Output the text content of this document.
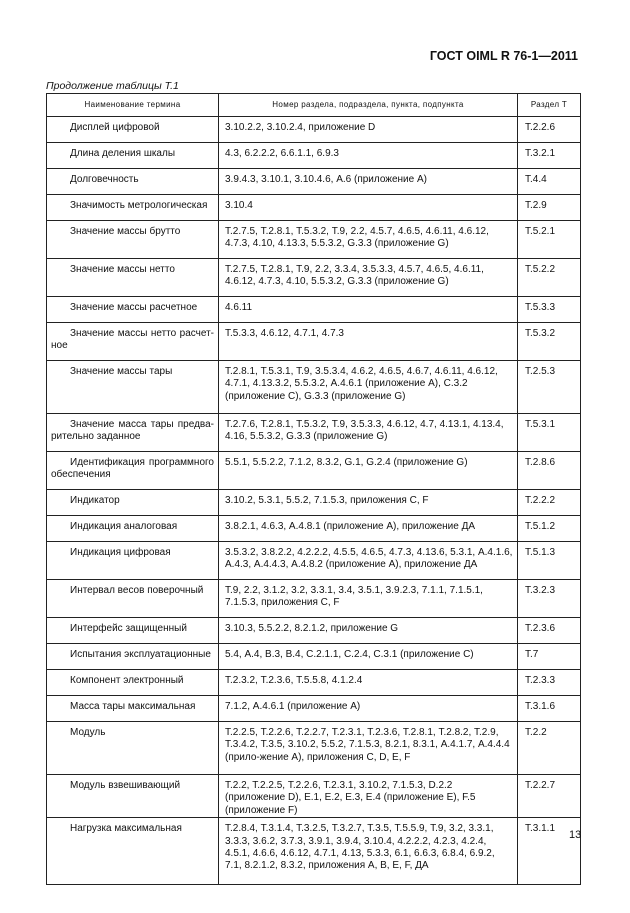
ГОСТ OIML R 76-1—2011
Продолжение таблицы Т.1
Наименование термина	Номер раздела, подраздела, пункта, подпункта	Раздел Т
Дисплей цифровой	3.10.2.2, 3.10.2.4, приложение D	T.2.2.6
Длина деления шкалы	4.3, 6.2.2.2, 6.6.1.1, 6.9.3	T.3.2.1
Долговечность	3.9.4.3, 3.10.1, 3.10.4.6, А.6 (приложение А)	T.4.4
Значимость метрологическая	3.10.4	T.2.9
Значение массы брутто	Т.2.7.5, Т.2.8.1, Т.5.3.2, Т.9, 2.2, 4.5.7, 4.6.5, 4.6.11, 4.6.12, 4.7.3, 4.10, 4.13.3, 5.5.3.2, G.3.3 (приложение G)	T.5.2.1
Значение массы нетто	Т.2.7.5, Т.2.8.1, Т.9, 2.2, 3.3.4, 3.5.3.3, 4.5.7, 4.6.5, 4.6.11, 4.6.12, 4.7.3, 4.10, 5.5.3.2, G.3.3 (приложение G)	T.5.2.2
Значение массы расчетное	4.6.11	T.5.3.3
Значение массы нетто расчет-ное	Т.5.3.3, 4.6.12, 4.7.1, 4.7.3	T.5.3.2
Значение массы тары	Т.2.8.1, Т.5.3.1, Т.9, 3.5.3.4, 4.6.2, 4.6.5, 4.6.7, 4.6.11, 4.6.12, 4.7.1, 4.13.3.2, 5.5.3.2, А.4.6.1 (приложение А), С.3.2 (приложение С), G.3.3 (приложение G)	T.2.5.3
Значение масса тары предва-рительно заданное	Т.2.7.6, Т.2.8.1, Т.5.3.2, Т.9, 3.5.3.3, 4.6.12, 4.7, 4.13.1, 4.13.4, 4.16, 5.5.3.2, G.3.3 (приложение G)	T.5.3.1
Идентификация программного обеспечения	5.5.1, 5.5.2.2, 7.1.2, 8.3.2, G.1, G.2.4 (приложение G)	T.2.8.6
Индикатор	3.10.2, 5.3.1, 5.5.2, 7.1.5.3, приложения С, F	T.2.2.2
Индикация аналоговая	3.8.2.1, 4.6.3, А.4.8.1 (приложение А), приложение ДА	T.5.1.2
Индикация цифровая	3.5.3.2, 3.8.2.2, 4.2.2.2, 4.5.5, 4.6.5, 4.7.3, 4.13.6, 5.3.1, А.4.1.6, А.4.3, А.4.4.3, А.4.8.2 (приложение А), приложение ДА	T.5.1.3
Интервал весов поверочный	Т.9, 2.2, 3.1.2, 3.2, 3.3.1, 3.4, 3.5.1, 3.9.2.3, 7.1.1, 7.1.5.1, 7.1.5.3, приложения С, F	T.3.2.3
Интерфейс защищенный	3.10.3, 5.5.2.2, 8.2.1.2, приложение G	T.2.3.6
Испытания эксплуатационные	5.4, А.4, В.3, В.4, С.2.1.1, С.2.4, С.3.1 (приложение С)	T.7
Компонент электронный	Т.2.3.2, Т.2.3.6, Т.5.5.8, 4.1.2.4	T.2.3.3
Масса тары максимальная	7.1.2, А.4.6.1 (приложение А)	T.3.1.6
Модуль	Т.2.2.5, Т.2.2.6, Т.2.2.7, Т.2.3.1, Т.2.3.6, Т.2.8.1, Т.2.8.2, Т.2.9, Т.3.4.2, Т.3.5, 3.10.2, 5.5.2, 7.1.5.3, 8.2.1, 8.3.1, А.4.1.7, А.4.4.4 (прило-жение А), приложения С, D, Е, F	T.2.2
Модуль взвешивающий	Т.2.2, Т.2.2.5, Т.2.2.6, Т.2.3.1, 3.10.2, 7.1.5.3, D.2.2 (приложение D), Е.1, Е.2, Е.3, Е.4 (приложение Е), F.5 (приложение F)	T.2.2.7
Нагрузка максимальная	Т.2.8.4, Т.3.1.4, Т.3.2.5, Т.3.2.7, Т.3.5, Т.5.5.9, Т.9, 3.2, 3.3.1, 3.3.3, 3.6.2, 3.7.3, 3.9.1, 3.9.4, 3.10.4, 4.2.2.2, 4.2.3, 4.2.4, 4.5.1, 4.6.6, 4.6.12, 4.7.1, 4.13, 5.3.3, 6.1, 6.6.3, 6.8.4, 6.9.2, 7.1, 8.2.1.2, 8.3.2, приложения А, В, Е, F, ДА	T.3.1.1
13
